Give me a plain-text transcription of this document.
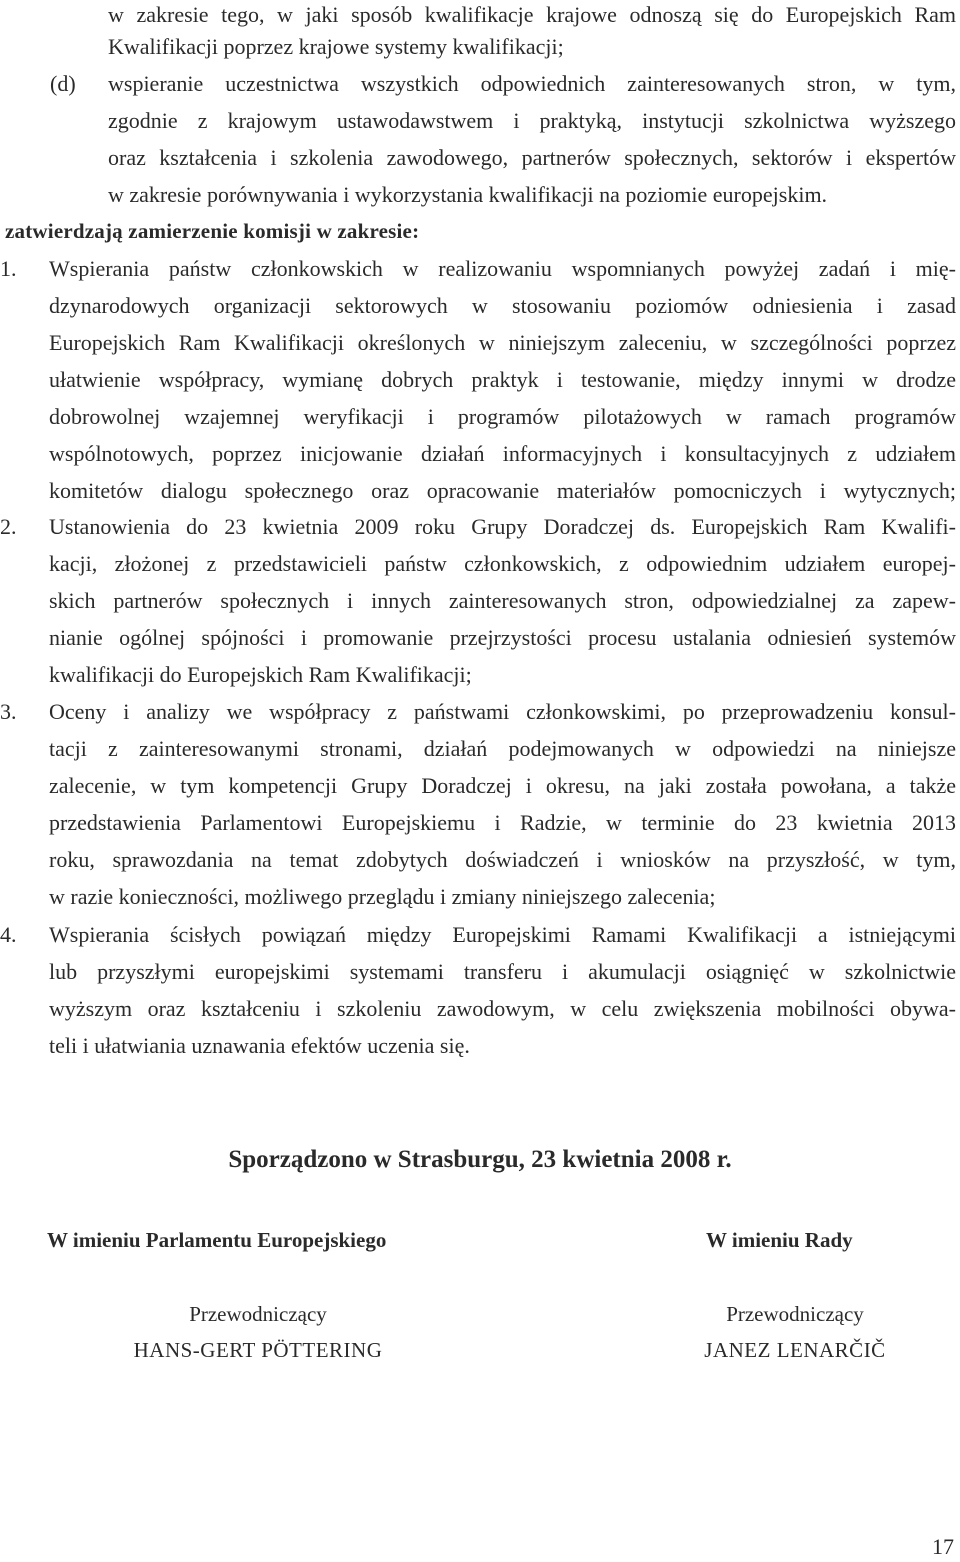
w zakresie tego, w jaki sposób kwalifikacje krajowe odnoszą się do Europejskich Ram
Kwalifikacji poprzez krajowe systemy kwalifikacji;
(d) wspieranie uczestnictwa wszystkich odpowiednich zainteresowanych stron, w tym,
zgodnie z krajowym ustawodawstwem i praktyką, instytucji szkolnictwa wyższego
oraz kształcenia i szkolenia zawodowego, partnerów społecznych, sektorów i ekspertów
w zakresie porównywania i wykorzystania kwalifikacji na poziomie europejskim.
zatwierdzają zamierzenie komisji w zakresie:
1. Wspierania państw członkowskich w realizowaniu wspomnianych powyżej zadań i mię-
dzynarodowych organizacji sektorowych w stosowaniu poziomów odniesienia i zasad
Europejskich Ram Kwalifikacji określonych w niniejszym zaleceniu, w szczególności poprzez
ułatwienie współpracy, wymianę dobrych praktyk i testowanie, między innymi w drodze
dobrowolnej wzajemnej weryfikacji i programów pilotażowych w ramach programów
wspólnotowych, poprzez inicjowanie działań informacyjnych i konsultacyjnych z udziałem
komitetów dialogu społecznego oraz opracowanie materiałów pomocniczych i wytycznych;
2. Ustanowienia do 23 kwietnia 2009 roku Grupy Doradczej ds. Europejskich Ram Kwalifi-
kacji, złożonej z przedstawicieli państw członkowskich, z odpowiednim udziałem europej-
skich partnerów społecznych i innych zainteresowanych stron, odpowiedzialnej za zapew-
nianie ogólnej spójności i promowanie przejrzystości procesu ustalania odniesień systemów
kwalifikacji do Europejskich Ram Kwalifikacji;
3. Oceny i analizy we współpracy z państwami członkowskimi, po przeprowadzeniu konsul-
tacji z zainteresowanymi stronami, działań podejmowanych w odpowiedzi na niniejsze
zalecenie, w tym kompetencji Grupy Doradczej i okresu, na jaki została powołana, a także
przedstawienia Parlamentowi Europejskiemu i Radzie, w terminie do 23 kwietnia 2013
roku, sprawozdania na temat zdobytych doświadczeń i wniosków na przyszłość, w tym,
w razie konieczności, możliwego przeglądu i zmiany niniejszego zalecenia;
4. Wspierania ścisłych powiązań między Europejskimi Ramami Kwalifikacji a istniejącymi
lub przyszłymi europejskimi systemami transferu i akumulacji osiągnięć w szkolnictwie
wyższym oraz kształceniu i szkoleniu zawodowym, w celu zwiększenia mobilności obywa-
teli i ułatwiania uznawania efektów uczenia się.
Sporządzono w Strasburgu, 23 kwietnia 2008 r.
W imieniu Parlamentu Europejskiego
Przewodniczący
HANS-GERT PÖTTERING
W imieniu Rady
Przewodniczący
JANEZ LENARČIČ
17
